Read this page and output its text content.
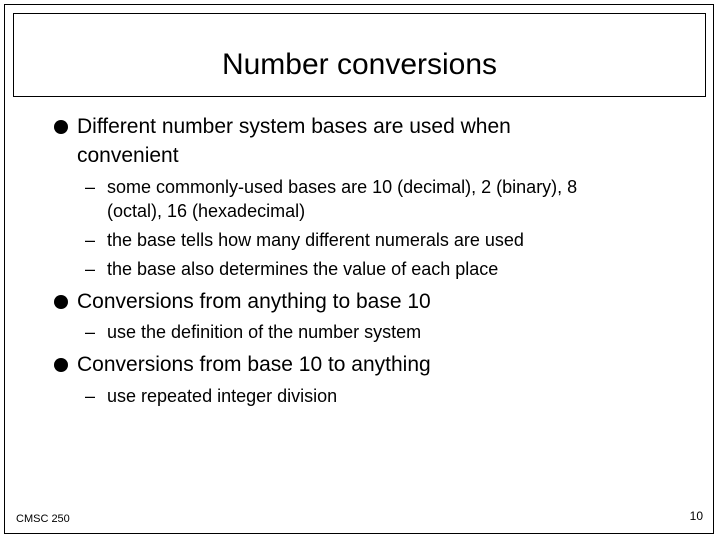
Number conversions
Different number system bases are used when
convenient
– some commonly-used bases are 10 (decimal), 2 (binary), 8
(octal), 16 (hexadecimal)
– the base tells how many different numerals are used
– the base also determines the value of each place
Conversions from anything to base 10
– use the definition of the number system
Conversions from base 10 to anything
– use repeated integer division
CMSC 250	10
